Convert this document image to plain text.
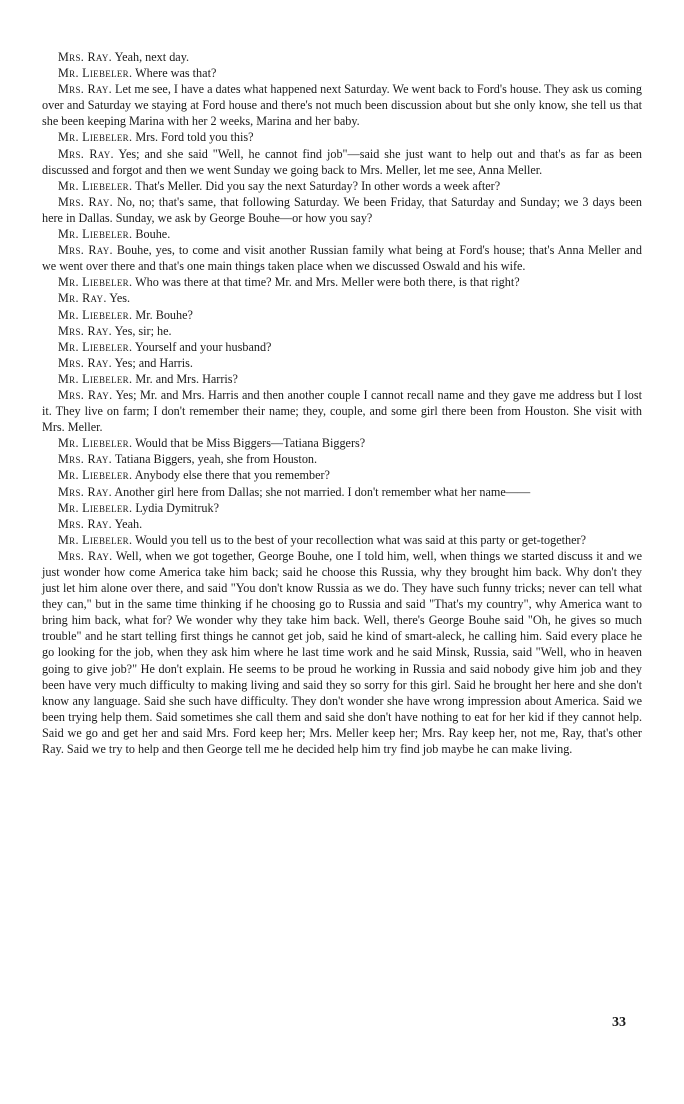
Mrs. Ray. Yeah, next day.

Mr. Liebeler. Where was that?

Mrs. Ray. Let me see, I have a dates what happened next Saturday. We went back to Ford's house. They ask us coming over and Saturday we staying at Ford house and there's not much been discussion about but she only know, she tell us that she been keeping Marina with her 2 weeks, Marina and her baby.

Mr. Liebeler. Mrs. Ford told you this?

Mrs. Ray. Yes; and she said "Well, he cannot find job"—said she just want to help out and that's as far as been discussed and forgot and then we went Sunday we going back to Mrs. Meller, let me see, Anna Meller.

Mr. Liebeler. That's Meller. Did you say the next Saturday? In other words a week after?

Mrs. Ray. No, no; that's same, that following Saturday. We been Friday, that Saturday and Sunday; we 3 days been here in Dallas. Sunday, we ask by George Bouhe—or how you say?

Mr. Liebeler. Bouhe.

Mrs. Ray. Bouhe, yes, to come and visit another Russian family what being at Ford's house; that's Anna Meller and we went over there and that's one main things taken place when we discussed Oswald and his wife.

Mr. Liebeler. Who was there at that time? Mr. and Mrs. Meller were both there, is that right?

Mr. Ray. Yes.

Mr. Liebeler. Mr. Bouhe?

Mrs. Ray. Yes, sir; he.

Mr. Liebeler. Yourself and your husband?

Mrs. Ray. Yes; and Harris.

Mr. Liebeler. Mr. and Mrs. Harris?

Mrs. Ray. Yes; Mr. and Mrs. Harris and then another couple I cannot recall name and they gave me address but I lost it. They live on farm; I don't remember their name; they, couple, and some girl there been from Houston. She visit with Mrs. Meller.

Mr. Liebeler. Would that be Miss Biggers—Tatiana Biggers?

Mrs. Ray. Tatiana Biggers, yeah, she from Houston.

Mr. Liebeler. Anybody else there that you remember?

Mrs. Ray. Another girl here from Dallas; she not married. I don't remember what her name——

Mr. Liebeler. Lydia Dymitruk?

Mrs. Ray. Yeah.

Mr. Liebeler. Would you tell us to the best of your recollection what was said at this party or get-together?

Mrs. Ray. Well, when we got together, George Bouhe, one I told him, well, when things we started discuss it and we just wonder how come America take him back; said he choose this Russia, why they brought him back. Why don't they just let him alone over there, and said "You don't know Russia as we do. They have such funny tricks; never can tell what they can," but in the same time thinking if he choosing go to Russia and said "That's my country", why America want to bring him back, what for? We wonder why they take him back. Well, there's George Bouhe said "Oh, he gives so much trouble" and he start telling first things he cannot get job, said he kind of smart-aleck, he calling him. Said every place he go looking for the job, when they ask him where he last time work and he said Minsk, Russia, said "Well, who in heaven going to give job?" He don't explain. He seems to be proud he working in Russia and said nobody give him job and they been have very much difficulty to making living and said they so sorry for this girl. Said he brought her here and she don't know any language. Said she such have difficulty. They don't wonder she have wrong impression about America. Said we been trying help them. Said sometimes she call them and said she don't have nothing to eat for her kid if they cannot help. Said we go and get her and said Mrs. Ford keep her; Mrs. Meller keep her; Mrs. Ray keep her, not me, Ray, that's other Ray. Said we try to help and then George tell me he decided help him try find job maybe he can make living.

33
